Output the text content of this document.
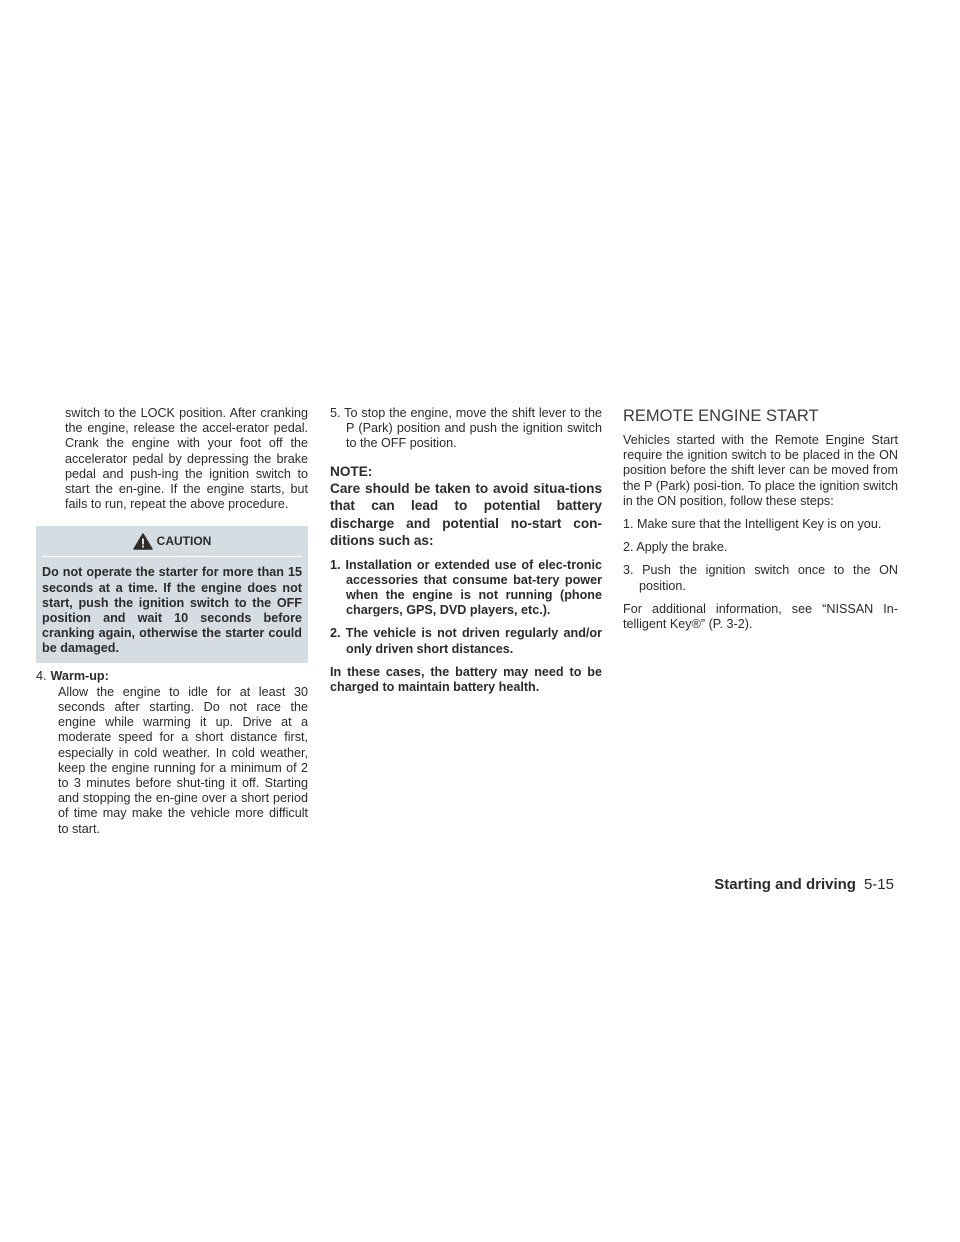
switch to the LOCK position. After cranking the engine, release the accel-erator pedal. Crank the engine with your foot off the accelerator pedal by depressing the brake pedal and push-ing the ignition switch to start the en-gine. If the engine starts, but fails to run, repeat the above procedure.

CAUTION
Do not operate the starter for more than 15 seconds at a time. If the engine does not start, push the ignition switch to the OFF position and wait 10 seconds before cranking again, otherwise the starter could be damaged.
4. Warm-up:

Allow the engine to idle for at least 30 seconds after starting. Do not race the engine while warming it up. Drive at a moderate speed for a short distance first, especially in cold weather. In cold weather, keep the engine running for a minimum of 2 to 3 minutes before shut-ting it off. Starting and stopping the en-gine over a short period of time may make the vehicle more difficult to start.

5. To stop the engine, move the shift lever to the P (Park) position and push the ignition switch to the OFF position.

NOTE:
Care should be taken to avoid situa-tions that can lead to potential battery discharge and potential no-start con-ditions such as:

1. Installation or extended use of elec-tronic accessories that consume bat-tery power when the engine is not running (phone chargers, GPS, DVD players, etc.).

2. The vehicle is not driven regularly and/or only driven short distances.

In these cases, the battery may need to be charged to maintain battery health.

REMOTE ENGINE START

Vehicles started with the Remote Engine Start require the ignition switch to be placed in the ON position before the shift lever can be moved from the P (Park) posi-tion. To place the ignition switch in the ON position, follow these steps:

1. Make sure that the Intelligent Key is on you.

2. Apply the brake.

3. Push the ignition switch once to the ON position.

For additional information, see “NISSAN In-telligent Key®” (P. 3-2).

Starting and driving 5-15
